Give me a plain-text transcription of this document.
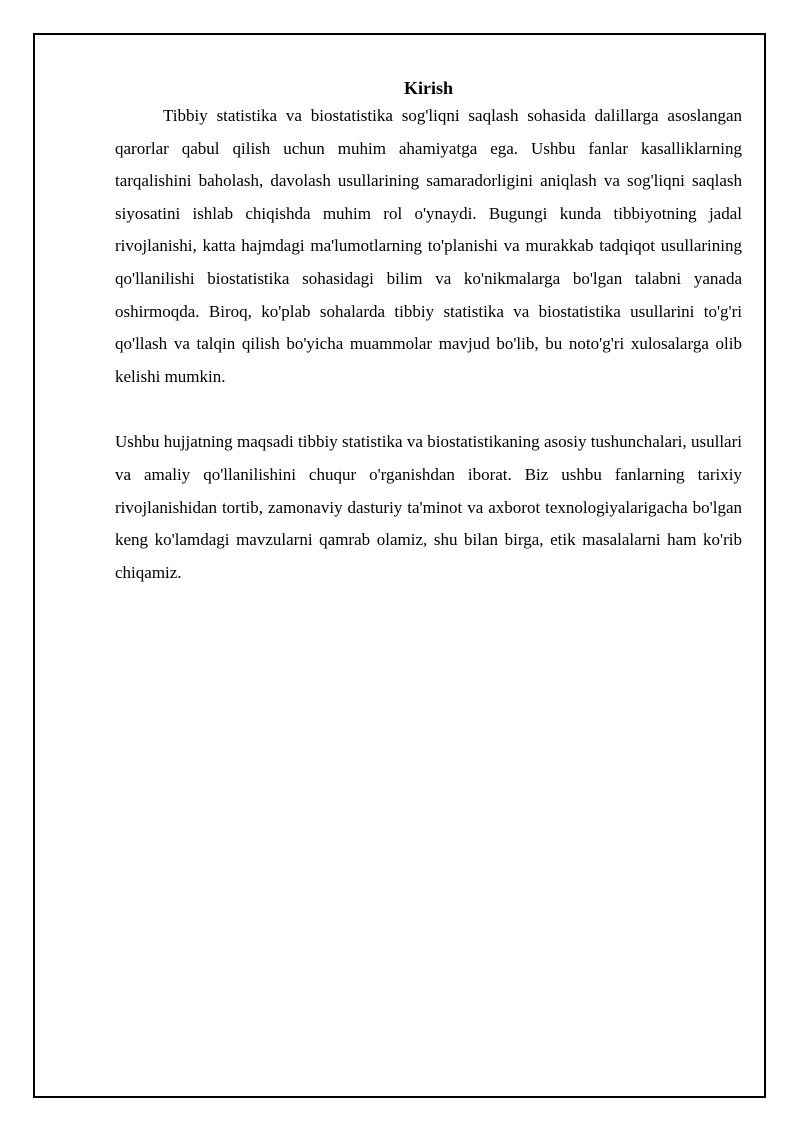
Kirish

Tibbiy statistika va biostatistika sog'liqni saqlash sohasida dalillarga asoslangan qarorlar qabul qilish uchun muhim ahamiyatga ega. Ushbu fanlar kasalliklarning tarqalishini baholash, davolash usullarining samaradorligini aniqlash va sog'liqni saqlash siyosatini ishlab chiqishda muhim rol o'ynaydi. Bugungi kunda tibbiyotning jadal rivojlanishi, katta hajmdagi ma'lumotlarning to'planishi va murakkab tadqiqot usullarining qo'llanilishi biostatistika sohasidagi bilim va ko'nikmalarga bo'lgan talabni yanada oshirmoqda. Biroq, ko'plab sohalarda tibbiy statistika va biostatistika usullarini to'g'ri qo'llash va talqin qilish bo'yicha muammolar mavjud bo'lib, bu noto'g'ri xulosalarga olib kelishi mumkin.

Ushbu hujjatning maqsadi tibbiy statistika va biostatistikaning asosiy tushunchalari, usullari va amaliy qo'llanilishini chuqur o'rganishdan iborat. Biz ushbu fanlarning tarixiy rivojlanishidan tortib, zamonaviy dasturiy ta'minot va axborot texnologiyalarigacha bo'lgan keng ko'lamdagi mavzularni qamrab olamiz, shu bilan birga, etik masalalarni ham ko'rib chiqamiz.
